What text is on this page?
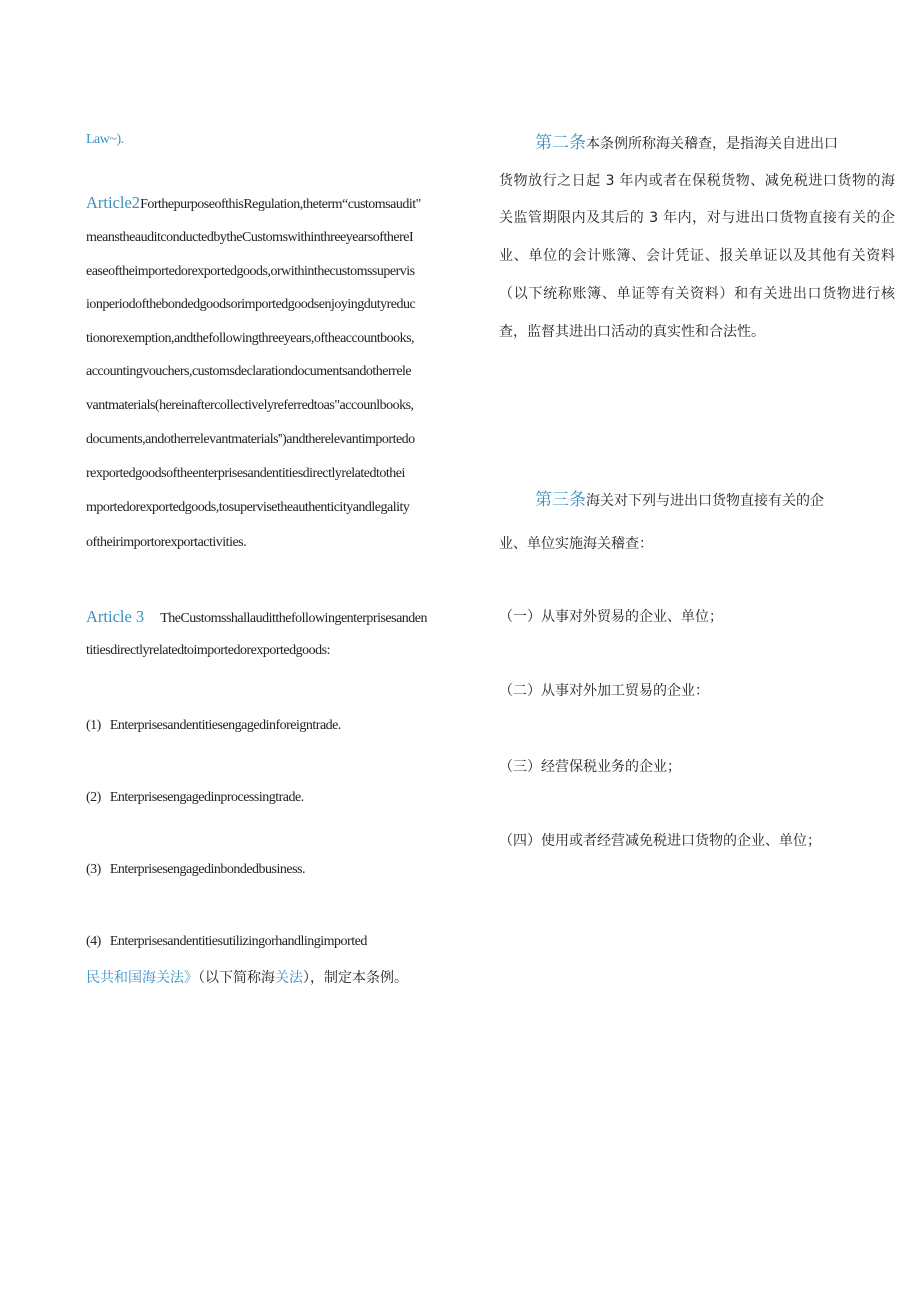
Law~).
Article2ForthepurposeofthisRegulation,theterm“customsaudit"
meanstheauditconductedbytheCustomswithinthreeyearsofthereI
easeoftheimportedorexportedgoods,orwithinthecustomssupervis
ionperiodofthebondedgoodsorimportedgoodsenjoyingdutyreduc
tionorexemption,andthefollowingthreeyears,oftheaccountbooks,
accountingvouchers,customsdeclarationdocumentsandotherrele
vantmaterials(hereinaftercollectivelyreferredtoas"accounlbooks,
documents,andotherrelevantmaterials'')andtherelevantimportedo
rexportedgoodsoftheenterprisesandentitiesdirectlyrelatedtothei
mportedorexportedgoods,tosupervisetheauthenticityandlegality
oftheirimportorexportactivities.
Article 3 TheCustomsshallauditthefollowingenterprisesanden
titiesdirectlyrelatedtoimportedorexportedgoods:
(1) Enterprisesandentitiesengagedinforeigntrade.
(2) Enterprisesengagedinprocessingtrade.
(3) Enterprisesengagedinbondedbusiness.
(4) Enterprisesandentitiesutilizingorhandlingimported
民共和国海关法》（以下简称海关法），制定本条例。
第二条本条例所称海关稽查，是指海关自进出口
货物放行之日起 3 年内或者在保税货物、减免税进口货物的海
关监管期限内及其后的 3 年内，对与进出口货物直接有关的企
业、单位的会计账簿、会计凭证、报关单证以及其他有关资料
（以下统称账簿、单证等有关资料）和有关进出口货物进行核
查，监督其进出口活动的真实性和合法性。
第三条海关对下列与进出口货物直接有关的企
业、单位实施海关稽查：
（一）从事对外贸易的企业、单位；
（二）从事对外加工贸易的企业：
（三）经营保税业务的企业；
（四）使用或者经营减免税进口货物的企业、单位；
